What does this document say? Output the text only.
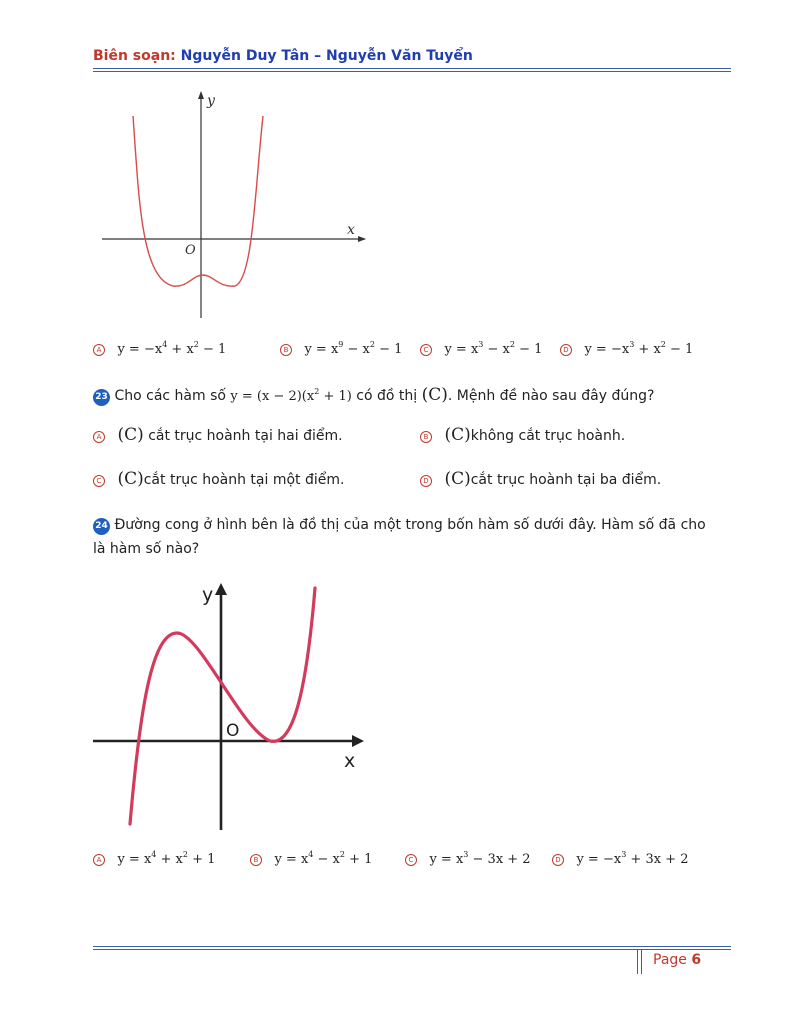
Biên soạn: Nguyễn Duy Tân – Nguyễn Văn Tuyển
y
x
O
A $y = -x^4 + x^2 - 1$	B $y = x^9 - x^2 - 1$	C $y = x^3 - x^2 - 1$	D $y = -x^3 + x^2 - 1$
23 Cho các hàm số $y = (x - 2)(x^2 + 1)$ có đồ thị (C). Mệnh đề nào sau đây đúng?
A (C) cắt trục hoành tại hai điểm.	B (C)không cắt trục hoành.
C (C)cắt trục hoành tại một điểm.	D (C)cắt trục hoành tại ba điểm.
24 Đường cong ở hình bên là đồ thị của một trong bốn hàm số dưới đây. Hàm số đã cho
là hàm số nào?
y
x
O
A $y = x^4 + x^2 + 1$	B $y = x^4 - x^2 + 1$	C $y = x^3 - 3x + 2$	D $y = -x^3 + 3x + 2$
Page 6
